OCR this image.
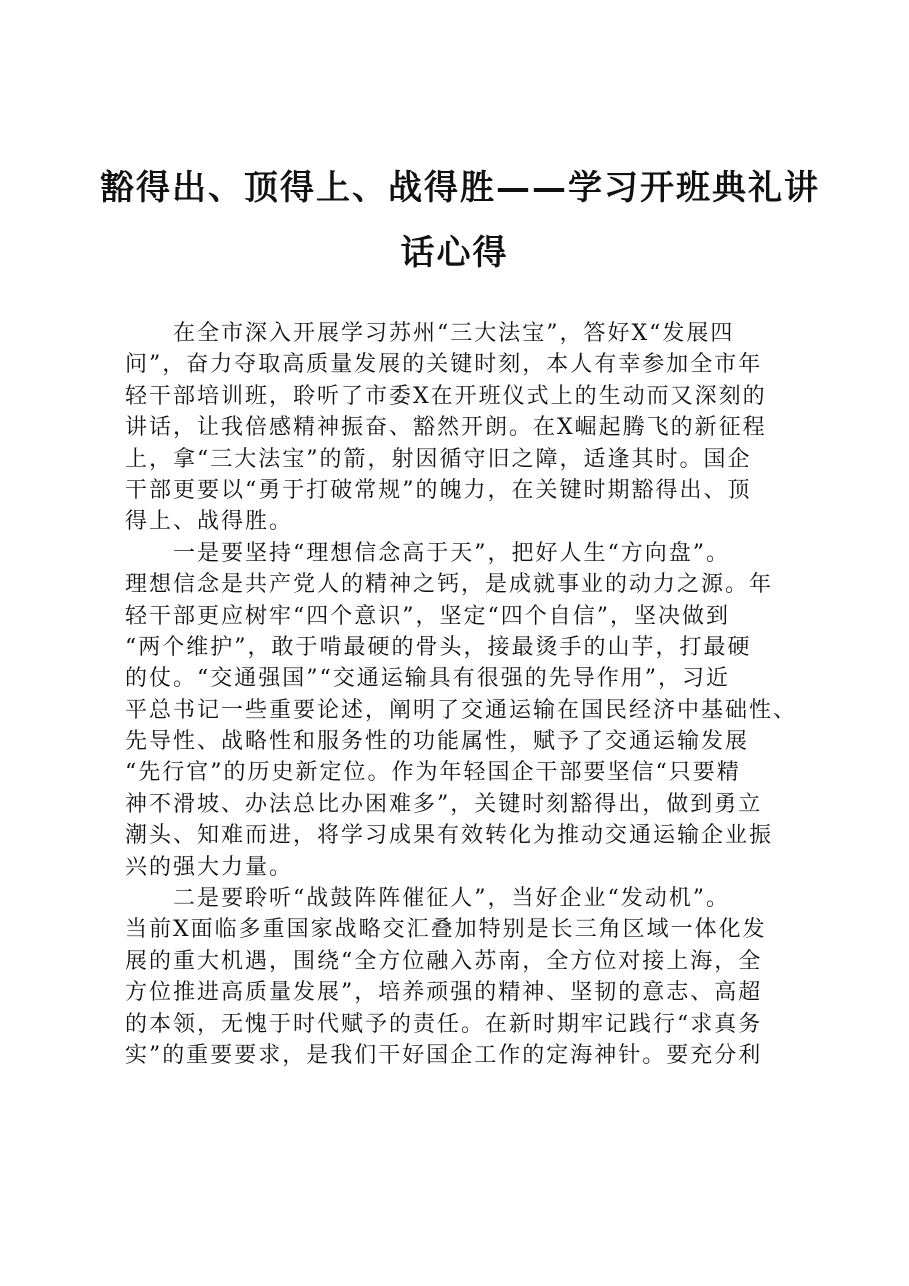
豁得出、顶得上、战得胜——学习开班典礼讲
话心得
在全市深入开展学习苏州“三大法宝”，答好X“发展四
问”，奋力夺取高质量发展的关键时刻，本人有幸参加全市年
轻干部培训班，聆听了市委X在开班仪式上的生动而又深刻的
讲话，让我倍感精神振奋、豁然开朗。在X崛起腾飞的新征程
上，拿“三大法宝”的箭，射因循守旧之障，适逢其时。国企
干部更要以“勇于打破常规”的魄力，在关键时期豁得出、顶
得上、战得胜。
一是要坚持“理想信念高于天”，把好人生“方向盘”。
理想信念是共产党人的精神之钙，是成就事业的动力之源。年
轻干部更应树牢“四个意识”，坚定“四个自信”，坚决做到
“两个维护”，敢于啃最硬的骨头，接最烫手的山芋，打最硬
的仗。“交通强国”“交通运输具有很强的先导作用”，习近
平总书记一些重要论述，阐明了交通运输在国民经济中基础性、
先导性、战略性和服务性的功能属性，赋予了交通运输发展
“先行官”的历史新定位。作为年轻国企干部要坚信“只要精
神不滑坡、办法总比办困难多”，关键时刻豁得出，做到勇立
潮头、知难而进，将学习成果有效转化为推动交通运输企业振
兴的强大力量。
二是要聆听“战鼓阵阵催征人”，当好企业“发动机”。
当前X面临多重国家战略交汇叠加特别是长三角区域一体化发
展的重大机遇，围绕“全方位融入苏南，全方位对接上海，全
方位推进高质量发展”，培养顽强的精神、坚韧的意志、高超
的本领，无愧于时代赋予的责任。在新时期牢记践行“求真务
实”的重要要求，是我们干好国企工作的定海神针。要充分利
